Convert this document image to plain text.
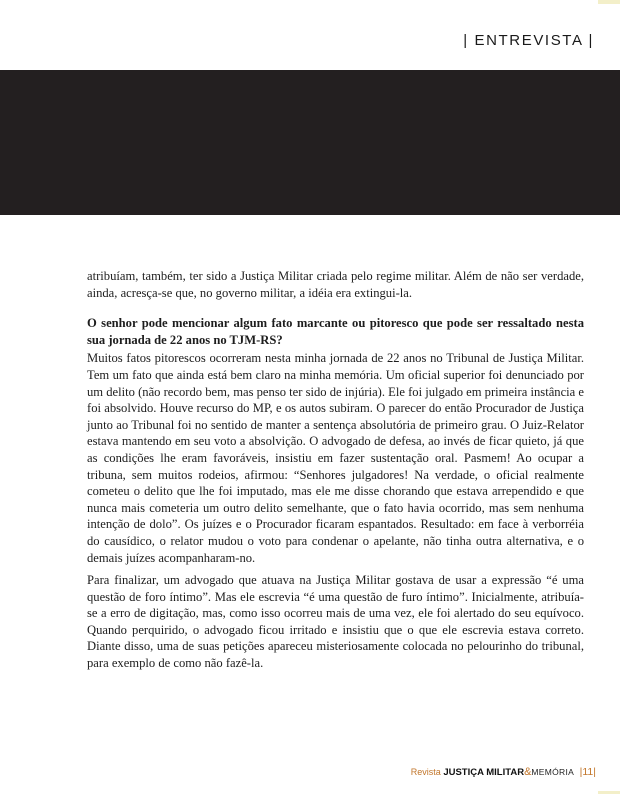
| ENTREVISTA |

atribuíam, também, ter sido a Justiça Militar criada pelo regime militar. Além de não ser verdade, ainda, acresça-se que, no governo militar, a idéia era extingui-la.

O senhor pode mencionar algum fato marcante ou pitoresco que pode ser ressaltado nesta sua jornada de 22 anos no TJM-RS?

Muitos fatos pitorescos ocorreram nesta minha jornada de 22 anos no Tribunal de Justiça Militar. Tem um fato que ainda está bem claro na minha memória. Um oficial superior foi denunciado por um delito (não recordo bem, mas penso ter sido de injúria). Ele foi julgado em primeira instância e foi absolvido. Houve recurso do MP, e os autos subiram. O parecer do então Procurador de Justiça junto ao Tribunal foi no sentido de manter a sentença absolutória de primeiro grau. O Juiz-Relator estava mantendo em seu voto a absolvição. O advogado de defesa, ao invés de ficar quieto, já que as condições lhe eram favoráveis, insistiu em fazer sustentação oral. Pasmem! Ao ocupar a tribuna, sem muitos rodeios, afirmou: “Senhores julgadores! Na verdade, o oficial realmente cometeu o delito que lhe foi imputado, mas ele me disse chorando que estava arrependido e que nunca mais cometeria um outro delito semelhante, que o fato havia ocorrido, mas sem nenhuma intenção de dolo”. Os juízes e o Procurador ficaram espantados. Resultado: em face à verborréia do causídico, o relator mudou o voto para condenar o apelante, não tinha outra alternativa, e o demais juízes acompanharam-no.

Para finalizar, um advogado que atuava na Justiça Militar gostava de usar a expressão “é uma questão de foro íntimo”. Mas ele escrevia “é uma questão de furo íntimo”. Inicialmente, atribuía-se a erro de digitação, mas, como isso ocorreu mais de uma vez, ele foi alertado do seu equívoco. Quando perquirido, o advogado ficou irritado e insistiu que o que ele escrevia estava correto. Diante disso, uma de suas petições apareceu misteriosamente colocada no pelourinho do tribunal, para exemplo de como não fazê-la.

Revista JUSTIÇA MILITAR&MEMÓRIA |11|
